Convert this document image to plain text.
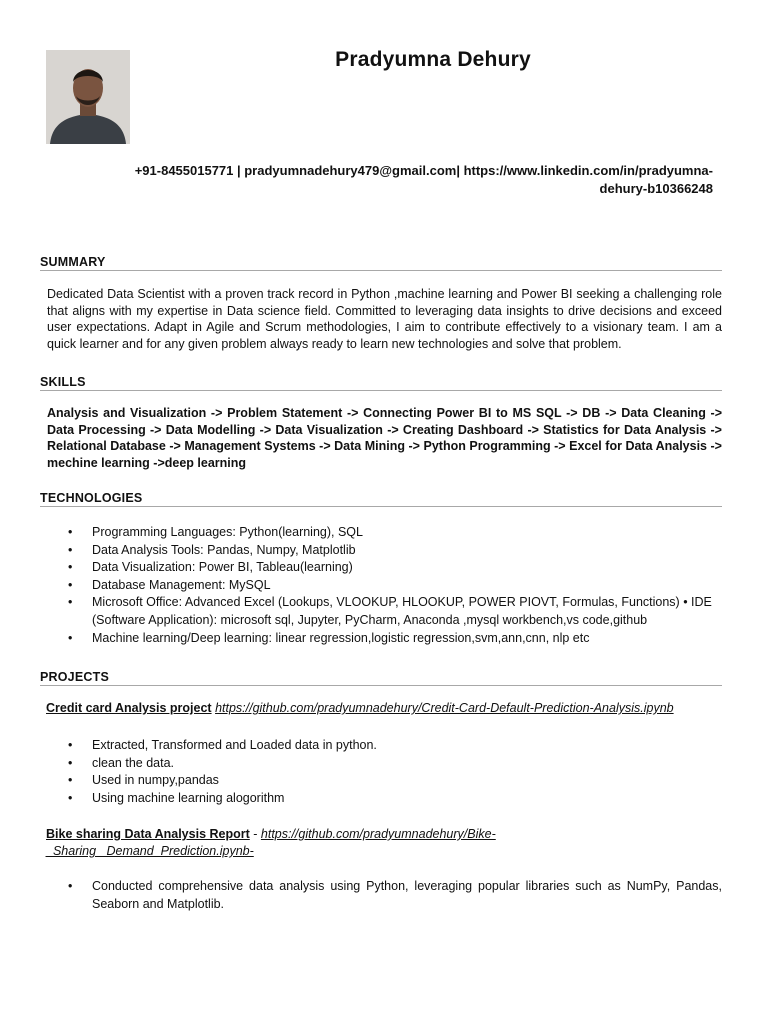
Pradyumna Dehury
+91-8455015771 | pradyumnadehury479@gmail.com| https://www.linkedin.com/in/pradyumna-
dehury-b10366248
SUMMARY
Dedicated Data Scientist with a proven track record in Python ,machine learning and Power BI seeking a challenging role that aligns with my expertise in Data science field. Committed to leveraging data insights to drive decisions and exceed user expectations. Adapt in Agile and Scrum methodologies, I aim to contribute effectively to a visionary team. I am a quick learner and for any given problem always ready to learn new technologies and solve that problem.
SKILLS
Analysis and Visualization -> Problem Statement -> Connecting Power BI to MS SQL -> DB -> Data Cleaning -> Data Processing -> Data Modelling -> Data Visualization -> Creating Dashboard -> Statistics for Data Analysis -> Relational Database -> Management Systems -> Data Mining -> Python Programming -> Excel for Data Analysis -> mechine learning ->deep learning
TECHNOLOGIES
• Programming Languages: Python(learning), SQL
• Data Analysis Tools: Pandas, Numpy, Matplotlib
• Data Visualization: Power BI, Tableau(learning)
• Database Management: MySQL
• Microsoft Office: Advanced Excel (Lookups, VLOOKUP, HLOOKUP, POWER PIOVT, Formulas, Functions) • IDE (Software Application): microsoft sql, Jupyter, PyCharm, Anaconda ,mysql workbench,vs code,github
• Machine learning/Deep learning: linear regression,logistic regression,svm,ann,cnn, nlp etc
PROJECTS
Credit card Analysis project https://github.com/pradyumnadehury/Credit-Card-Default-Prediction-Analysis.ipynb
• Extracted, Transformed and Loaded data in python.
• clean the data.
• Used in numpy,pandas
• Using machine learning alogorithm
Bike sharing Data Analysis Report - https://github.com/pradyumnadehury/Bike-_Sharing_ Demand_Prediction.ipynb-
• Conducted comprehensive data analysis using Python, leveraging popular libraries such as NumPy, Pandas, Seaborn and Matplotlib.
